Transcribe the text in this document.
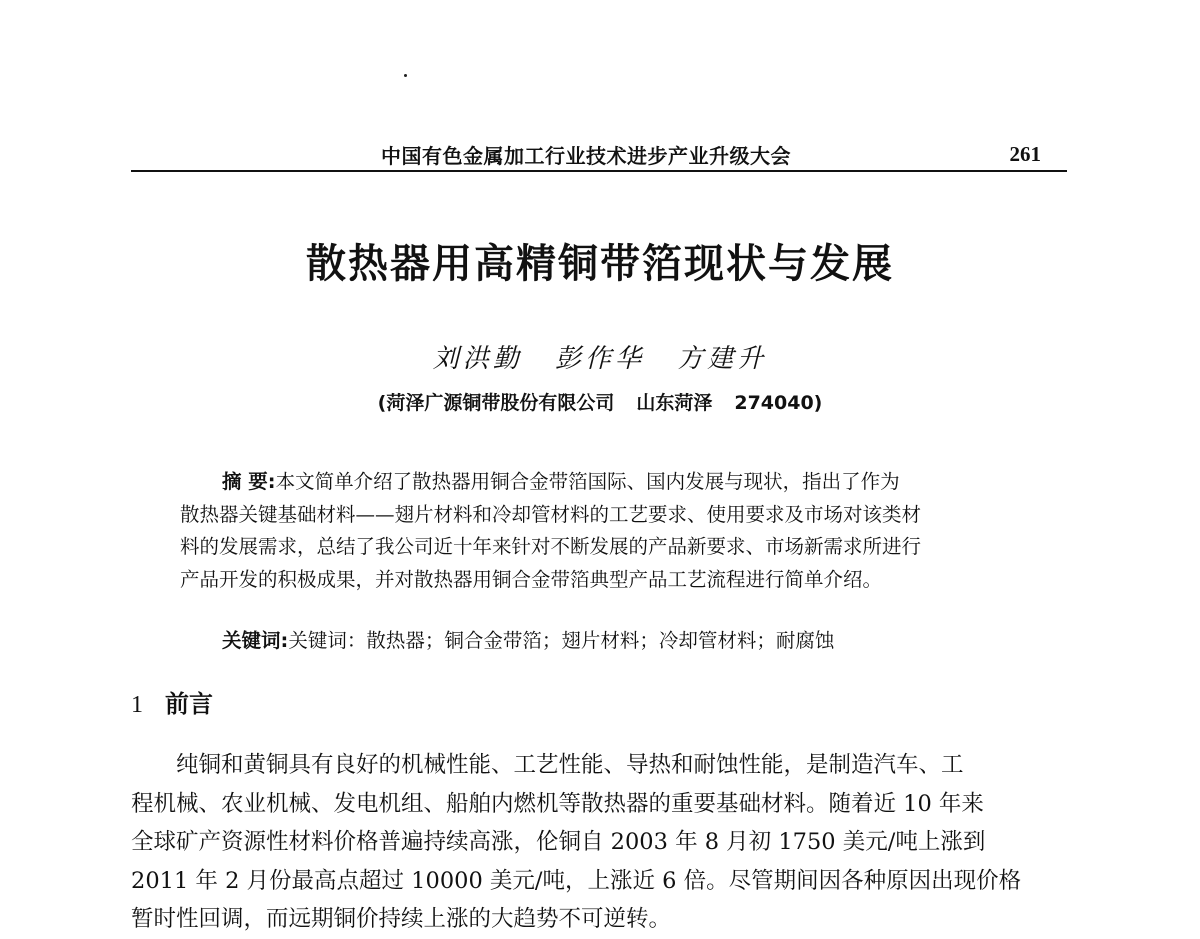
中国有色金属加工行业技术进步产业升级大会	261
散热器用高精铜带箔现状与发展
刘洪勤 彭作华 方建升
(菏泽广源铜带股份有限公司 山东菏泽 274040)
摘 要:本文简单介绍了散热器用铜合金带箔国际、国内发展与现状，指出了作为
散热器关键基础材料——翅片材料和冷却管材料的工艺要求、使用要求及市场对该类材
料的发展需求，总结了我公司近十年来针对不断发展的产品新要求、市场新需求所进行
产品开发的积极成果，并对散热器用铜合金带箔典型产品工艺流程进行简单介绍。
关键词:关键词：散热器；铜合金带箔；翅片材料；冷却管材料；耐腐蚀
1 前言
纯铜和黄铜具有良好的机械性能、工艺性能、导热和耐蚀性能，是制造汽车、工
程机械、农业机械、发电机组、船舶内燃机等散热器的重要基础材料。随着近 10 年来
全球矿产资源性材料价格普遍持续高涨，伦铜自 2003 年 8 月初 1750 美元/吨上涨到
2011 年 2 月份最高点超过 10000 美元/吨，上涨近 6 倍。尽管期间因各种原因出现价格
暂时性回调，而远期铜价持续上涨的大趋势不可逆转。
